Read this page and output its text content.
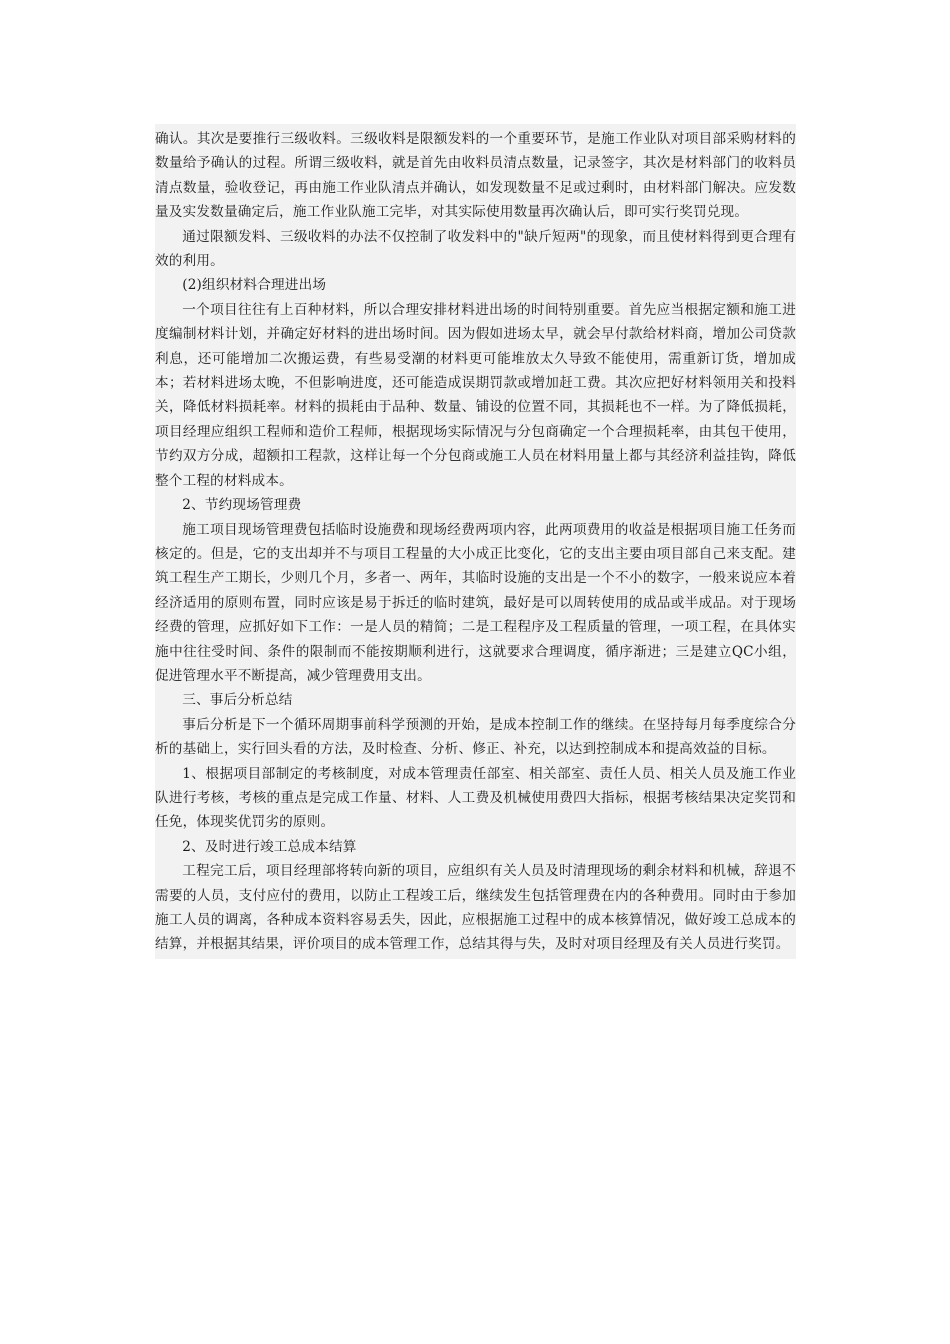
确认。其次是要推行三级收料。三级收料是限额发料的一个重要环节，是施工作业队对项目部采购材料的数量给予确认的过程。所谓三级收料，就是首先由收料员清点数量，记录签字，其次是材料部门的收料员清点数量，验收登记，再由施工作业队清点并确认，如发现数量不足或过剩时，由材料部门解决。应发数量及实发数量确定后，施工作业队施工完毕，对其实际使用数量再次确认后，即可实行奖罚兑现。

通过限额发料、三级收料的办法不仅控制了收发料中的"缺斤短两"的现象，而且使材料得到更合理有效的利用。

(2)组织材料合理进出场

一个项目往往有上百种材料，所以合理安排材料进出场的时间特别重要。首先应当根据定额和施工进度编制材料计划，并确定好材料的进出场时间。因为假如进场太早，就会早付款给材料商，增加公司贷款利息，还可能增加二次搬运费，有些易受潮的材料更可能堆放太久导致不能使用，需重新订货，增加成本；若材料进场太晚，不但影响进度，还可能造成误期罚款或增加赶工费。其次应把好材料领用关和投料关，降低材料损耗率。材料的损耗由于品种、数量、铺设的位置不同，其损耗也不一样。为了降低损耗，项目经理应组织工程师和造价工程师，根据现场实际情况与分包商确定一个合理损耗率，由其包干使用，节约双方分成，超额扣工程款，这样让每一个分包商或施工人员在材料用量上都与其经济利益挂钩，降低整个工程的材料成本。

2、节约现场管理费

施工项目现场管理费包括临时设施费和现场经费两项内容，此两项费用的收益是根据项目施工任务而核定的。但是，它的支出却并不与项目工程量的大小成正比变化，它的支出主要由项目部自己来支配。建筑工程生产工期长，少则几个月，多者一、两年，其临时设施的支出是一个不小的数字，一般来说应本着经济适用的原则布置，同时应该是易于拆迁的临时建筑，最好是可以周转使用的成品或半成品。对于现场经费的管理，应抓好如下工作：一是人员的精简；二是工程程序及工程质量的管理，一项工程，在具体实施中往往受时间、条件的限制而不能按期顺利进行，这就要求合理调度，循序渐进；三是建立QC小组，促进管理水平不断提高，减少管理费用支出。

三、事后分析总结

事后分析是下一个循环周期事前科学预测的开始，是成本控制工作的继续。在坚持每月每季度综合分析的基础上，实行回头看的方法，及时检查、分析、修正、补充，以达到控制成本和提高效益的目标。

1、根据项目部制定的考核制度，对成本管理责任部室、相关部室、责任人员、相关人员及施工作业队进行考核，考核的重点是完成工作量、材料、人工费及机械使用费四大指标，根据考核结果决定奖罚和任免，体现奖优罚劣的原则。

2、及时进行竣工总成本结算

工程完工后，项目经理部将转向新的项目，应组织有关人员及时清理现场的剩余材料和机械，辞退不需要的人员，支付应付的费用，以防止工程竣工后，继续发生包括管理费在内的各种费用。同时由于参加施工人员的调离，各种成本资料容易丢失，因此，应根据施工过程中的成本核算情况，做好竣工总成本的结算，并根据其结果，评价项目的成本管理工作，总结其得与失，及时对项目经理及有关人员进行奖罚。
